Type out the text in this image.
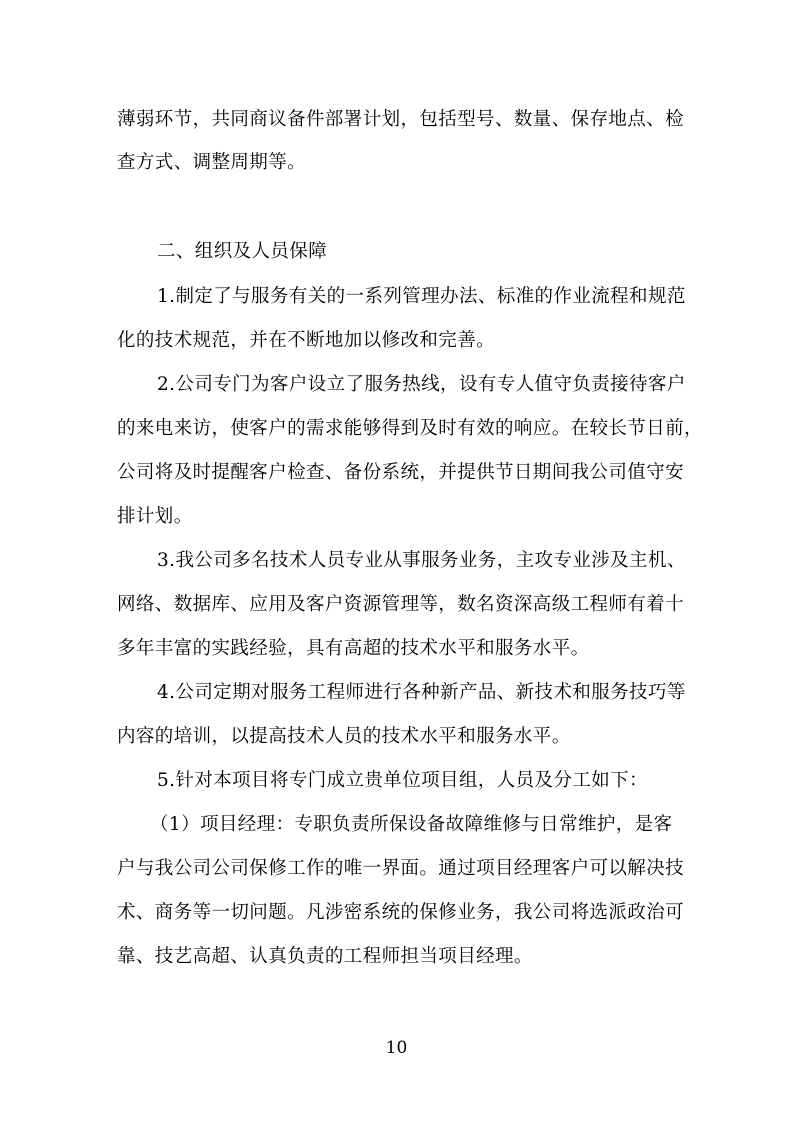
薄弱环节，共同商议备件部署计划，包括型号、数量、保存地点、检
查方式、调整周期等。
二、组织及人员保障
1.制定了与服务有关的一系列管理办法、标准的作业流程和规范
化的技术规范，并在不断地加以修改和完善。
2.公司专门为客户设立了服务热线，设有专人值守负责接待客户
的来电来访，使客户的需求能够得到及时有效的响应。在较长节日前，
公司将及时提醒客户检查、备份系统，并提供节日期间我公司值守安
排计划。
3.我公司多名技术人员专业从事服务业务，主攻专业涉及主机、
网络、数据库、应用及客户资源管理等，数名资深高级工程师有着十
多年丰富的实践经验，具有高超的技术水平和服务水平。
4.公司定期对服务工程师进行各种新产品、新技术和服务技巧等
内容的培训，以提高技术人员的技术水平和服务水平。
5.针对本项目将专门成立贵单位项目组，人员及分工如下：
（1）项目经理：专职负责所保设备故障维修与日常维护，是客
户与我公司公司保修工作的唯一界面。通过项目经理客户可以解决技
术、商务等一切问题。凡涉密系统的保修业务，我公司将选派政治可
靠、技艺高超、认真负责的工程师担当项目经理。
10
